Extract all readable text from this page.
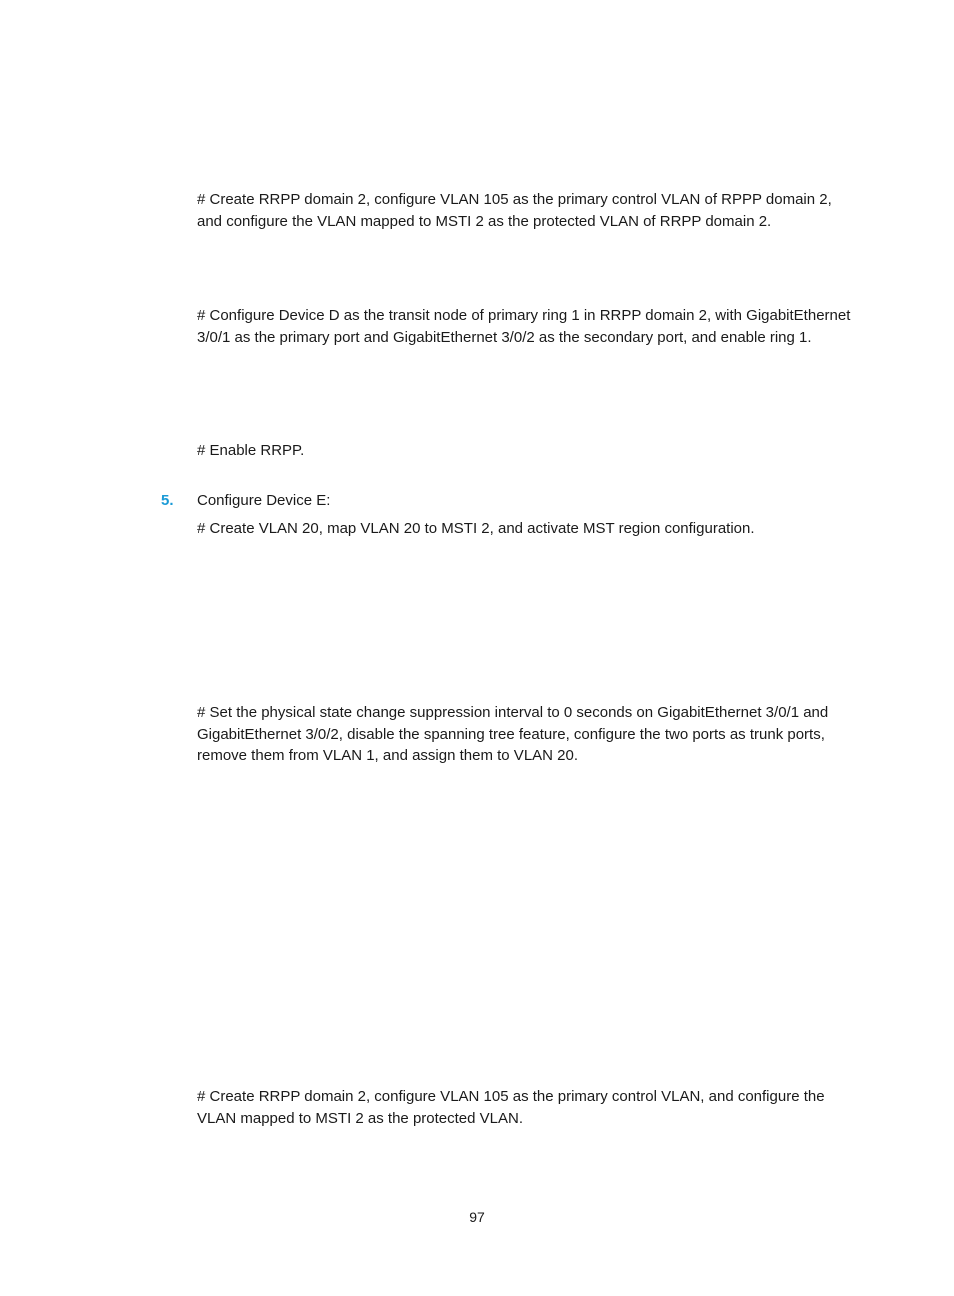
# Create RRPP domain 2, configure VLAN 105 as the primary control VLAN of RPPP domain 2,
and configure the VLAN mapped to MSTI 2 as the protected VLAN of RRPP domain 2.

# Configure Device D as the transit node of primary ring 1 in RRPP domain 2, with GigabitEthernet
3/0/1 as the primary port and GigabitEthernet 3/0/2 as the secondary port, and enable ring 1.

# Enable RRPP.

5. Configure Device E:

# Create VLAN 20, map VLAN 20 to MSTI 2, and activate MST region configuration.

# Set the physical state change suppression interval to 0 seconds on GigabitEthernet 3/0/1 and
GigabitEthernet 3/0/2, disable the spanning tree feature, configure the two ports as trunk ports,
remove them from VLAN 1, and assign them to VLAN 20.

# Create RRPP domain 2, configure VLAN 105 as the primary control VLAN, and configure the
VLAN mapped to MSTI 2 as the protected VLAN.

97
